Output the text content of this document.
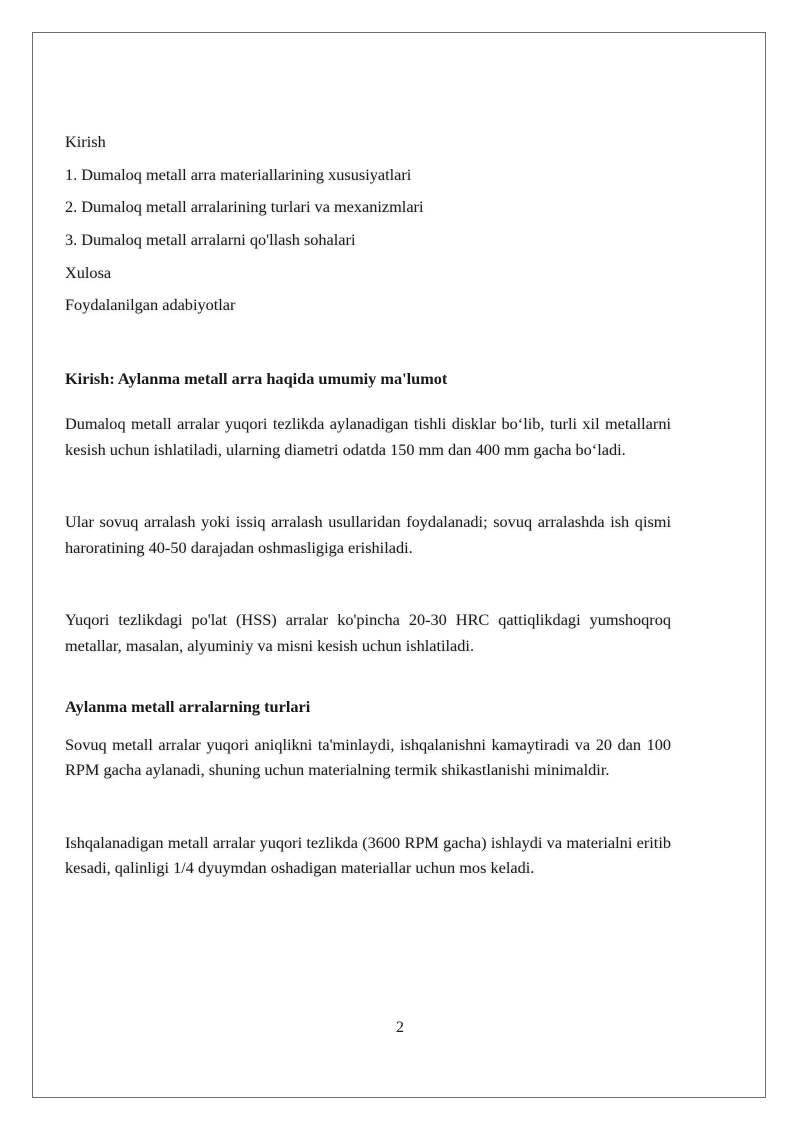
Kirish

1. Dumaloq metall arra materiallarining xususiyatlari

2. Dumaloq metall arralarining turlari va mexanizmlari

3. Dumaloq metall arralarni qo'llash sohalari

Xulosa

Foydalanilgan adabiyotlar

Kirish: Aylanma metall arra haqida umumiy ma'lumot

Dumaloq metall arralar yuqori tezlikda aylanadigan tishli disklar bo‘lib, turli xil metallarni kesish uchun ishlatiladi, ularning diametri odatda 150 mm dan 400 mm gacha bo‘ladi.

Ular sovuq arralash yoki issiq arralash usullaridan foydalanadi; sovuq arralashda ish qismi haroratining 40-50 darajadan oshmasligiga erishiladi.

Yuqori tezlikdagi po'lat (HSS) arralar ko'pincha 20-30 HRC qattiqlikdagi yumshoqroq metallar, masalan, alyuminiy va misni kesish uchun ishlatiladi.

Aylanma metall arralarning turlari

Sovuq metall arralar yuqori aniqlikni ta'minlaydi, ishqalanishni kamaytiradi va 20 dan 100 RPM gacha aylanadi, shuning uchun materialning termik shikastlanishi minimaldir.

Ishqalanadigan metall arralar yuqori tezlikda (3600 RPM gacha) ishlaydi va materialni eritib kesadi, qalinligi 1/4 dyuymdan oshadigan materiallar uchun mos keladi.

2
